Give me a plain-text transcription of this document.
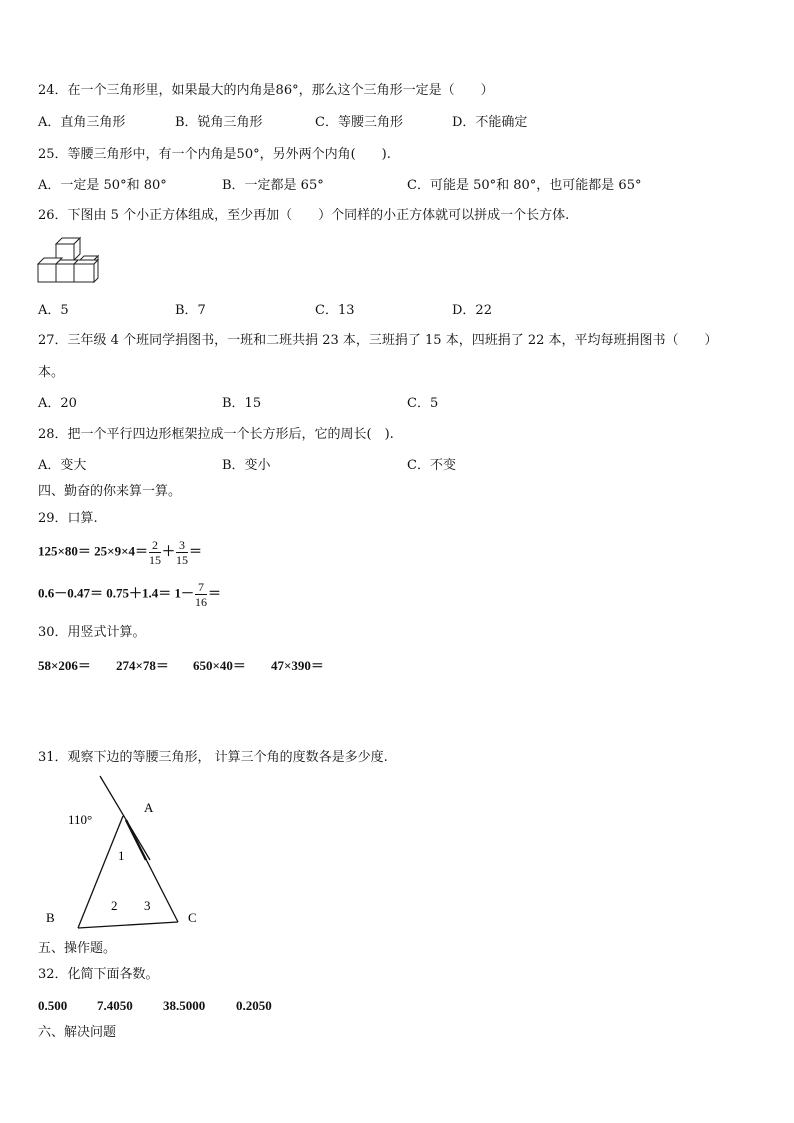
24．在一个三角形里，如果最大的内角是86°，那么这个三角形一定是（　　）
A．直角三角形	B．锐角三角形	C．等腰三角形	D．不能确定
25．等腰三角形中，有一个内角是50°，另外两个内角(　　).
A．一定是 50°和 80°	B．一定都是 65°	C．可能是 50°和 80°，也可能都是 65°
26．下图由 5 个小正方体组成，至少再加（　　）个同样的小正方体就可以拼成一个长方体.
A．5	B．7	C．13	D．22
27．三年级 4 个班同学捐图书，一班和二班共捐 23 本，三班捐了 15 本，四班捐了 22 本，平均每班捐图书（　　）
本。
A．20	B．15	C．5
28．把一个平行四边形框架拉成一个长方形后，它的周长(　).
A．变大	B．变小	C．不变
四、勤奋的你来算一算。
29．口算.
$125\times 80= 25\times 9\times 4= \frac{2}{15} + \frac{3}{15}$ ＝
$0.6-0.47= 0.75+1.4= 1- \frac{7}{16}$ ＝
30．用竖式计算。
58×206＝ 274×78＝ 650×40＝ 47×390＝
31．观察下边的等腰三角形， 计算三个角的度数各是多少度.
110°
A
B	C
1
2 3
五、操作题。
32．化简下面各数。
0.500 7.4050 38.5000 0.2050
六、解决问题
